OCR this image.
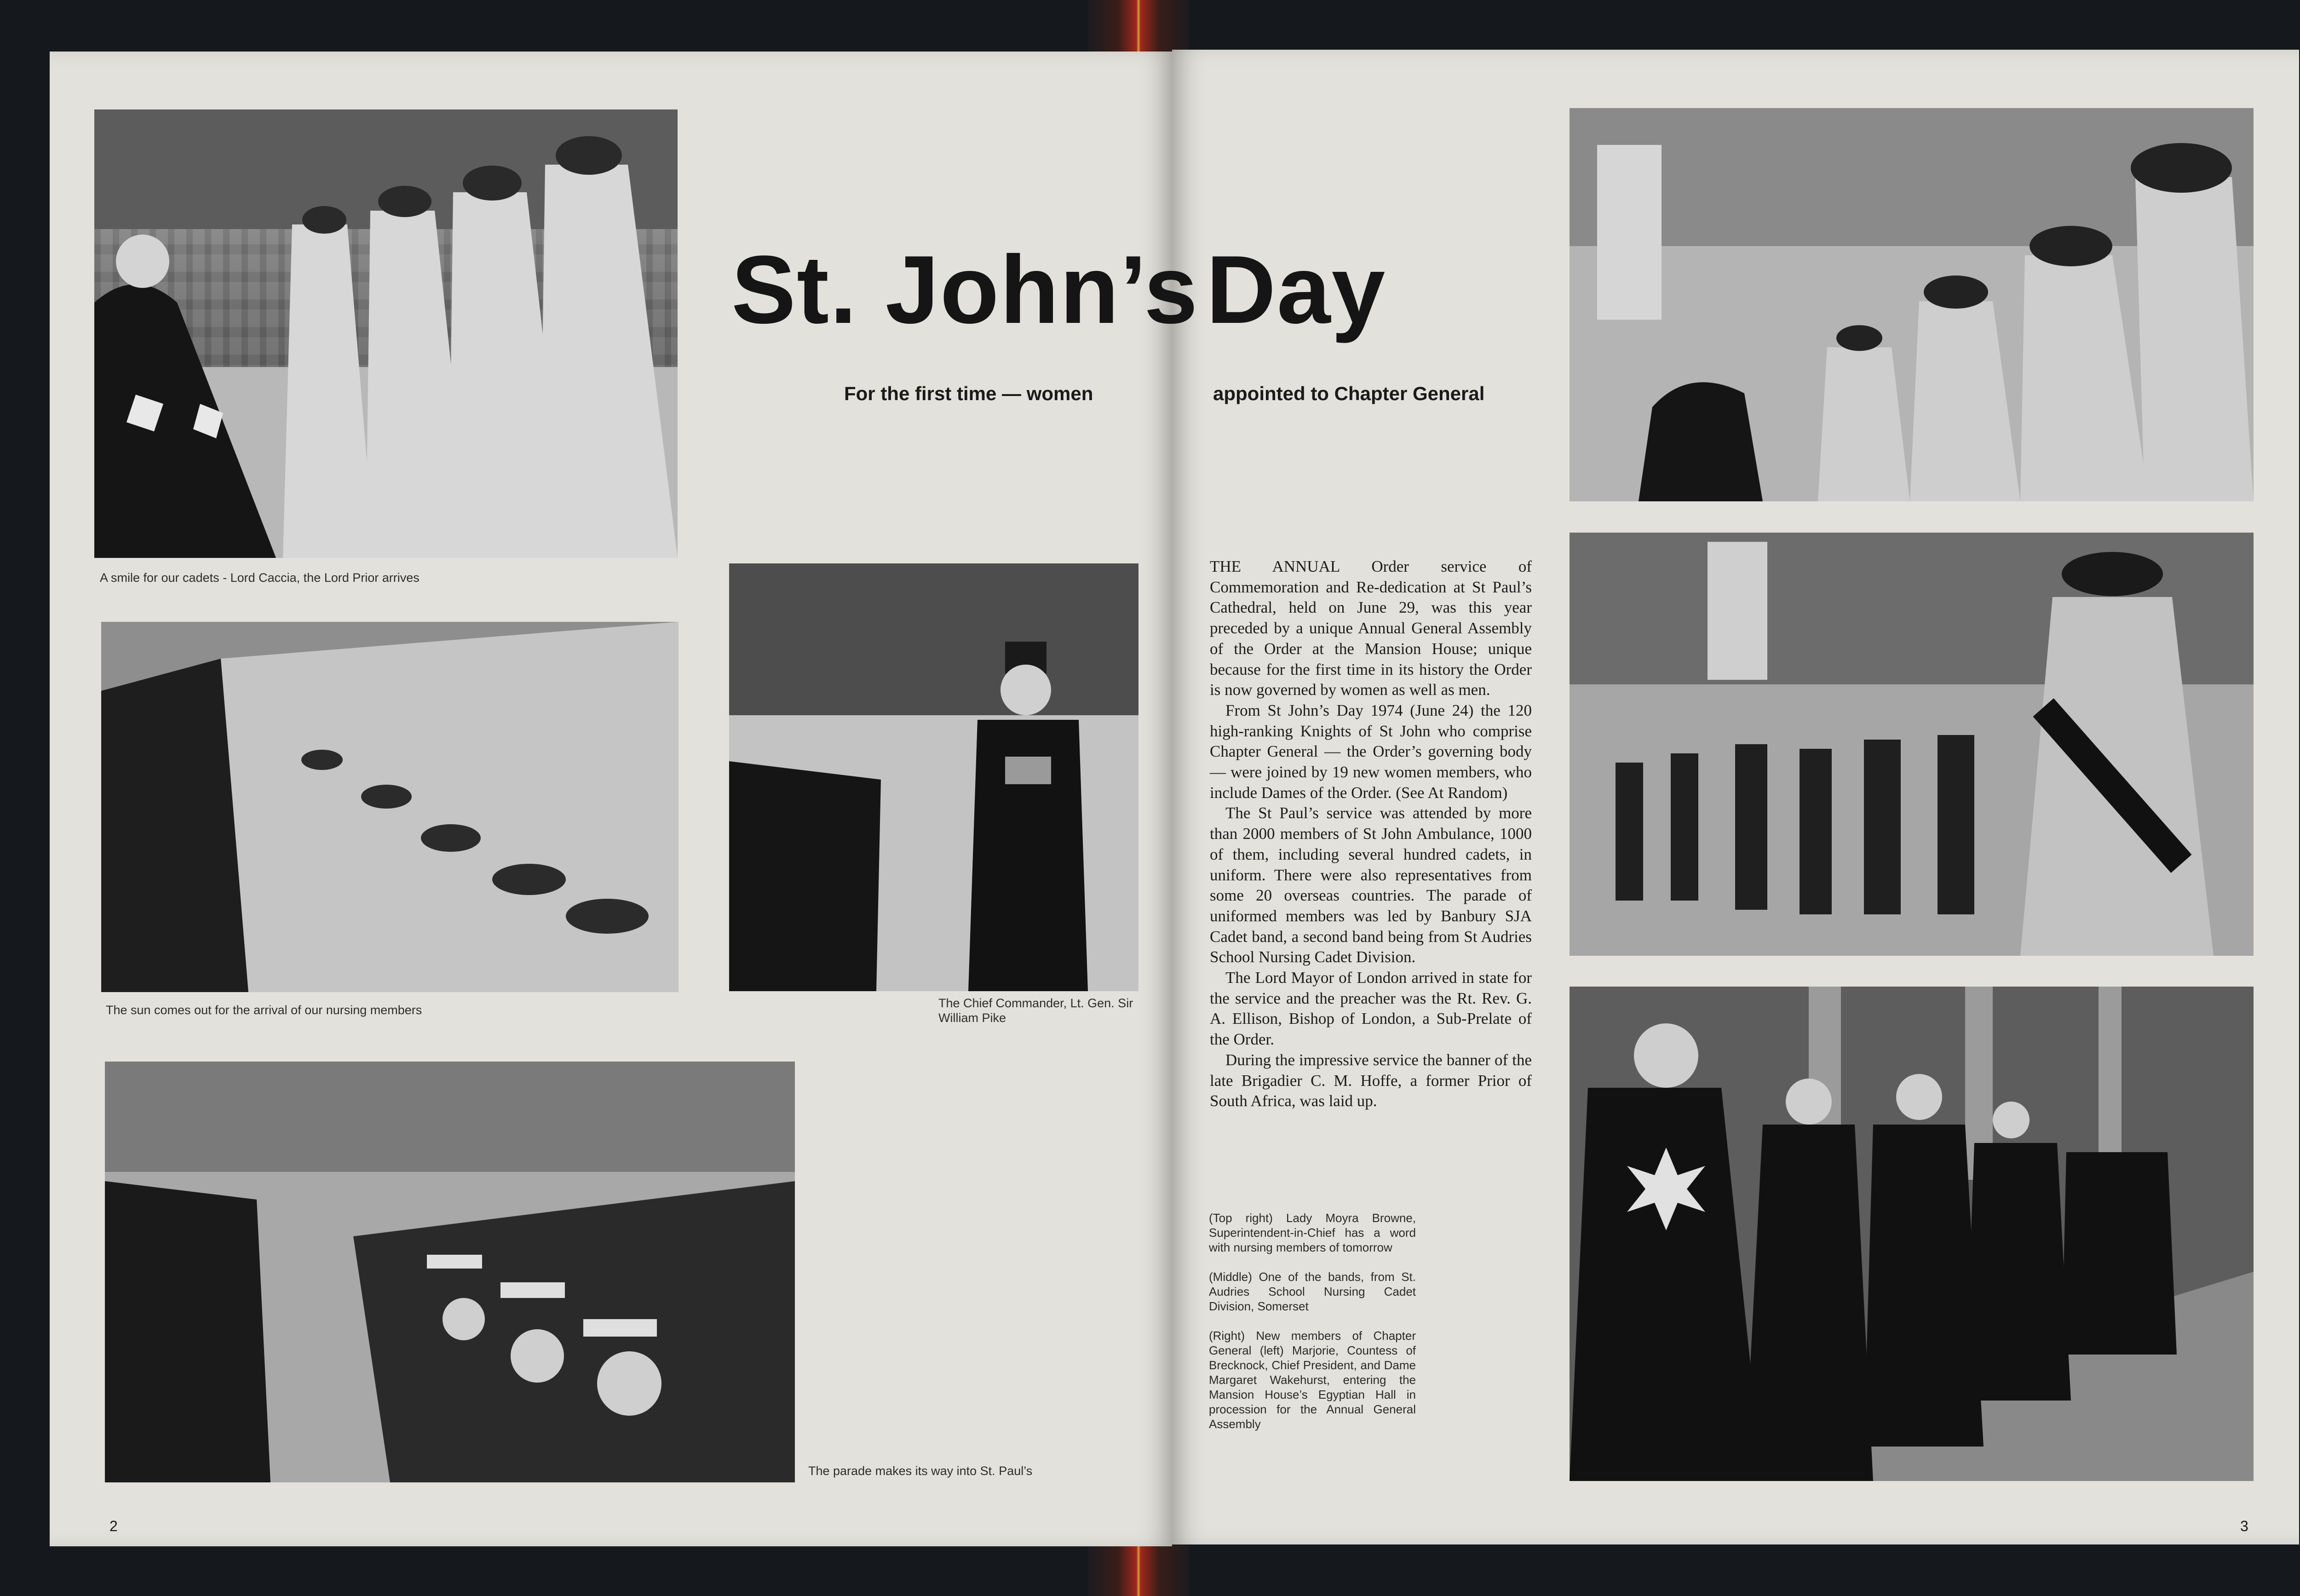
St. John’s Day
For the first time — women	appointed to Chapter General
A smile for our cadets - Lord Caccia, the Lord Prior arrives
The sun comes out for the arrival of our nursing members	The Chief Commander, Lt. Gen. Sir William Pike
The parade makes its way into St. Paul’s

THE ANNUAL Order service of Commemoration and Re-dedication at St Paul’s Cathedral, held on June 29, was this year preceded by a unique Annual General Assembly of the Order at the Mansion House; unique because for the first time in its history the Order is now governed by women as well as men.

From St John’s Day 1974 (June 24) the 120 high-ranking Knights of St John who comprise Chapter General — the Order’s governing body — were joined by 19 new women members, who include Dames of the Order. (See At Random)

The St Paul’s service was attended by more than 2000 members of St John Ambulance, 1000 of them, including several hundred cadets, in uniform. There were also representatives from some 20 overseas countries. The parade of uniformed members was led by Banbury SJA Cadet band, a second band being from St Audries School Nursing Cadet Division.

The Lord Mayor of London arrived in state for the service and the preacher was the Rt. Rev. G. A. Ellison, Bishop of London, a Sub-Prelate of the Order.

During the impressive service the banner of the late Brigadier C. M. Hoffe, a former Prior of South Africa, was laid up.

(Top right) Lady Moyra Browne, Superintendent-in-Chief has a word with nursing members of tomorrow

(Middle) One of the bands, from St. Audries School Nursing Cadet Division, Somerset

(Right) New members of Chapter General (left) Marjorie, Countess of Brecknock, Chief President, and Dame Margaret Wakehurst, entering the Mansion House’s Egyptian Hall in procession for the Annual General Assembly

2	3
